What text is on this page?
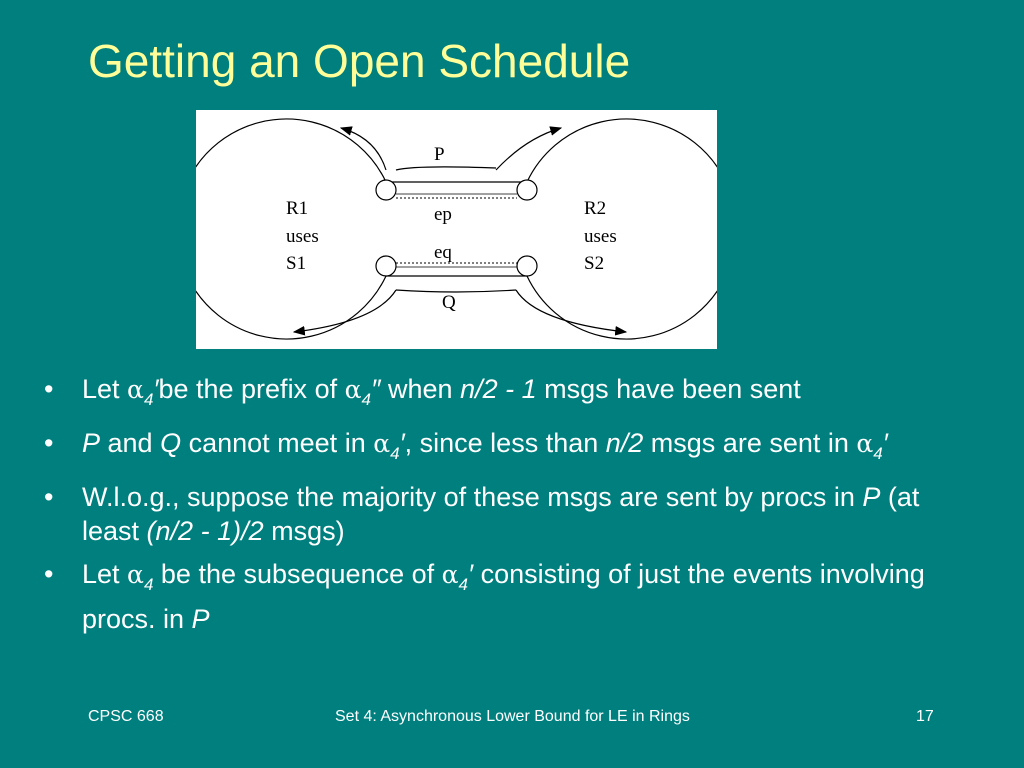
Getting an Open Schedule
P
Q
ep
eq
R1
uses
S1
R2
uses
S2
• Let $\alpha_4'be$ the prefix of $\alpha_4''$ when n/2 - 1 msgs have been sent
• P and Q cannot meet in $\alpha_4'$, since less than n/2 msgs are sent in $\alpha_4'$
• W.l.o.g., suppose the majority of these msgs are sent by procs in P (at least (n/2 - 1)/2 msgs)
• Let $\alpha_4$ be the subsequence of $\alpha_4'$ consisting of just the events involving procs. in P
CPSC 668	Set 4: Asynchronous Lower Bound for LE in Rings	17
